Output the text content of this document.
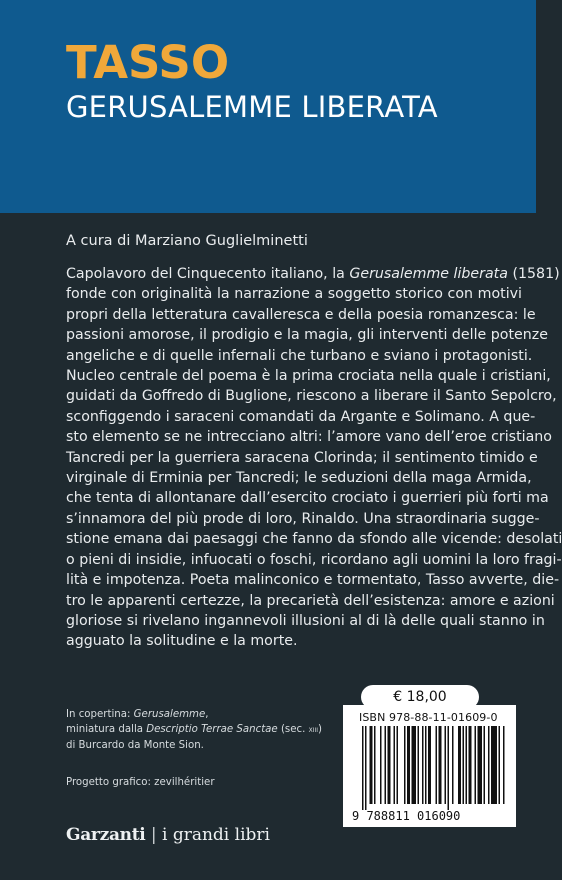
TASSO
GERUSALEMME LIBERATA
A cura di Marziano Guglielminetti
Capolavoro del Cinquecento italiano, la Gerusalemme liberata (1581)
fonde con originalità la narrazione a soggetto storico con motivi
propri della letteratura cavalleresca e della poesia romanzesca: le
passioni amorose, il prodigio e la magia, gli interventi delle potenze
angeliche e di quelle infernali che turbano e sviano i protagonisti.
Nucleo centrale del poema è la prima crociata nella quale i cristiani,
guidati da Goffredo di Buglione, riescono a liberare il Santo Sepolcro,
sconfiggendo i saraceni comandati da Argante e Solimano. A que-
sto elemento se ne intrecciano altri: l’amore vano dell’eroe cristiano
Tancredi per la guerriera saracena Clorinda; il sentimento timido e
virginale di Erminia per Tancredi; le seduzioni della maga Armida,
che tenta di allontanare dall’esercito crociato i guerrieri più forti ma
s’innamora del più prode di loro, Rinaldo. Una straordinaria sugge-
stione emana dai paesaggi che fanno da sfondo alle vicende: desolati
o pieni di insidie, infuocati o foschi, ricordano agli uomini la loro fragi-
lità e impotenza. Poeta malinconico e tormentato, Tasso avverte, die-
tro le apparenti certezze, la precarietà dell’esistenza: amore e azioni
gloriose si rivelano ingannevoli illusioni al di là delle quali stanno in
agguato la solitudine e la morte.
In copertina: Gerusalemme,
miniatura dalla Descriptio Terrae Sanctae (sec. xiii)
di Burcardo da Monte Sion.
Progetto grafico: zevilhéritier
Garzanti | i grandi libri
€ 18,00
ISBN 978-88-11-01609-0
9 788811 016090
